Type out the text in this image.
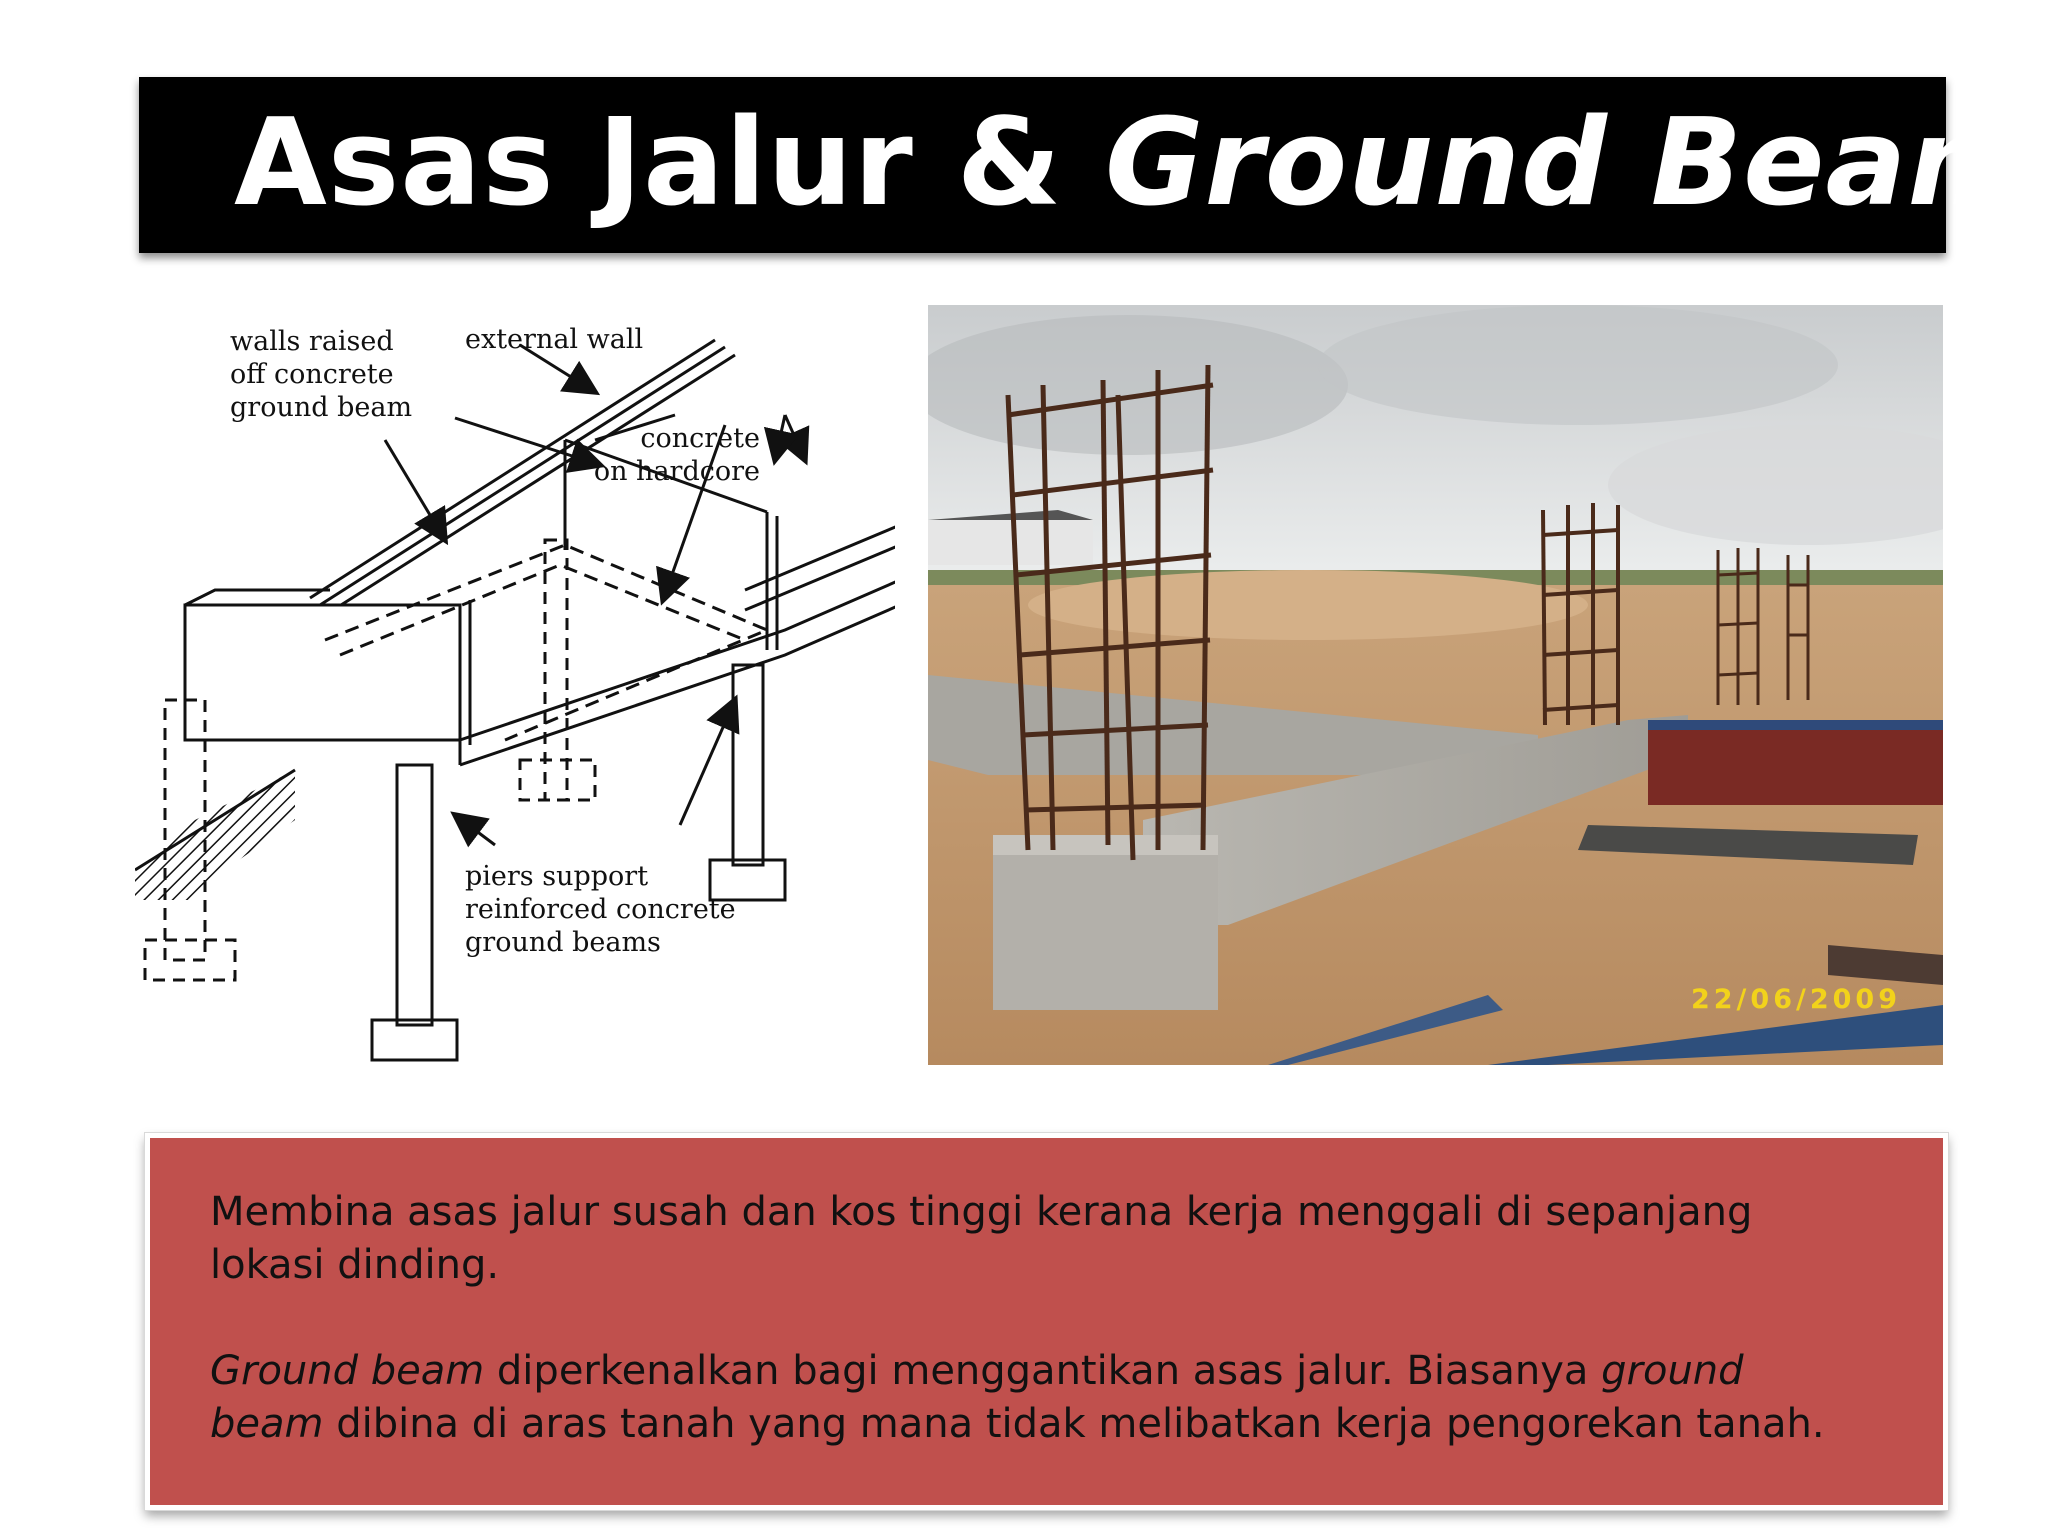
Asas Jalur & Ground Beam
walls raised
off concrete
ground beam
external wall
concrete
on hardcore
piers support
reinforced concrete
ground beams
22/06/2009

Membina asas jalur susah dan kos tinggi kerana kerja menggali di sepanjang lokasi dinding.

Ground beam diperkenalkan bagi menggantikan asas jalur. Biasanya ground beam dibina di aras tanah yang mana tidak melibatkan kerja pengorekan tanah.
